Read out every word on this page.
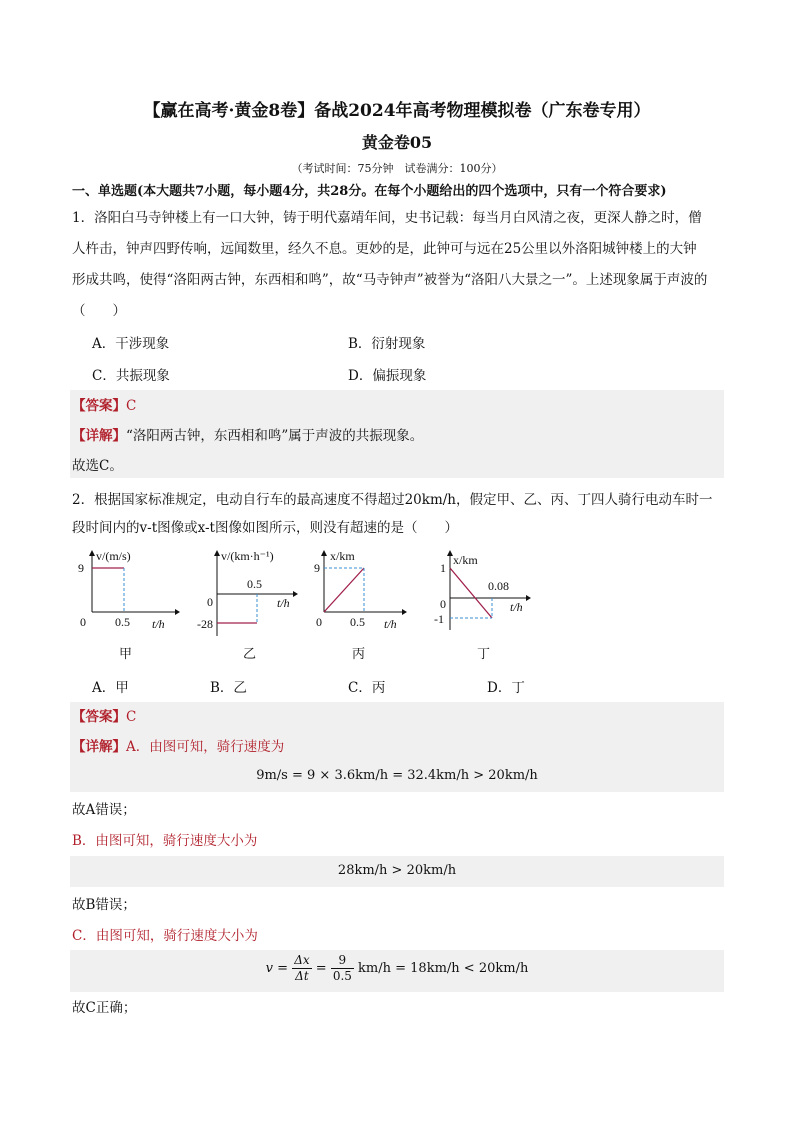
【赢在高考·黄金8卷】备战2024年高考物理模拟卷（广东卷专用）
黄金卷05
（考试时间：75分钟　试卷满分：100分）
一、单选题(本大题共7小题，每小题4分，共28分。在每个小题给出的四个选项中，只有一个符合要求)
1．洛阳白马寺钟楼上有一口大钟，铸于明代嘉靖年间，史书记载：每当月白风清之夜，更深人静之时，僧
人杵击，钟声四野传响，远闻数里，经久不息。更妙的是，此钟可与远在25公里以外洛阳城钟楼上的大钟
形成共鸣，使得“洛阳两古钟，东西相和鸣”，故“马寺钟声”被誉为“洛阳八大景之一”。上述现象属于声波的
（　　）
A．干涉现象	B．衍射现象
C．共振现象	D．偏振现象
【答案】C
【详解】“洛阳两古钟，东西相和鸣”属于声波的共振现象。
故选C。
2．根据国家标准规定，电动自行车的最高速度不得超过20km/h，假定甲、乙、丙、丁四人骑行电动车时一
段时间内的v-t图像或x-t图像如图所示，则没有超速的是（　　）
v/(m/s)
9
0 0.5 t/h
甲
v/(km·h⁻¹)
0.5
0
-28
t/h
乙
x/km
9
0 0.5 t/h
丙
x/km
1
0
-1
0.08
t/h
丁
A．甲	B．乙	C．丙	D．丁
【答案】C
【详解】A．由图可知，骑行速度为
9m/s = 9 × 3.6km/h = 32.4km/h > 20km/h
故A错误；
B．由图可知，骑行速度大小为
28km/h > 20km/h
故B错误；
C．由图可知，骑行速度大小为
$v = \frac{\Delta x}{\Delta t} = \frac{9}{0.5} km/h = 18km/h < 20km/h$
故C正确；
